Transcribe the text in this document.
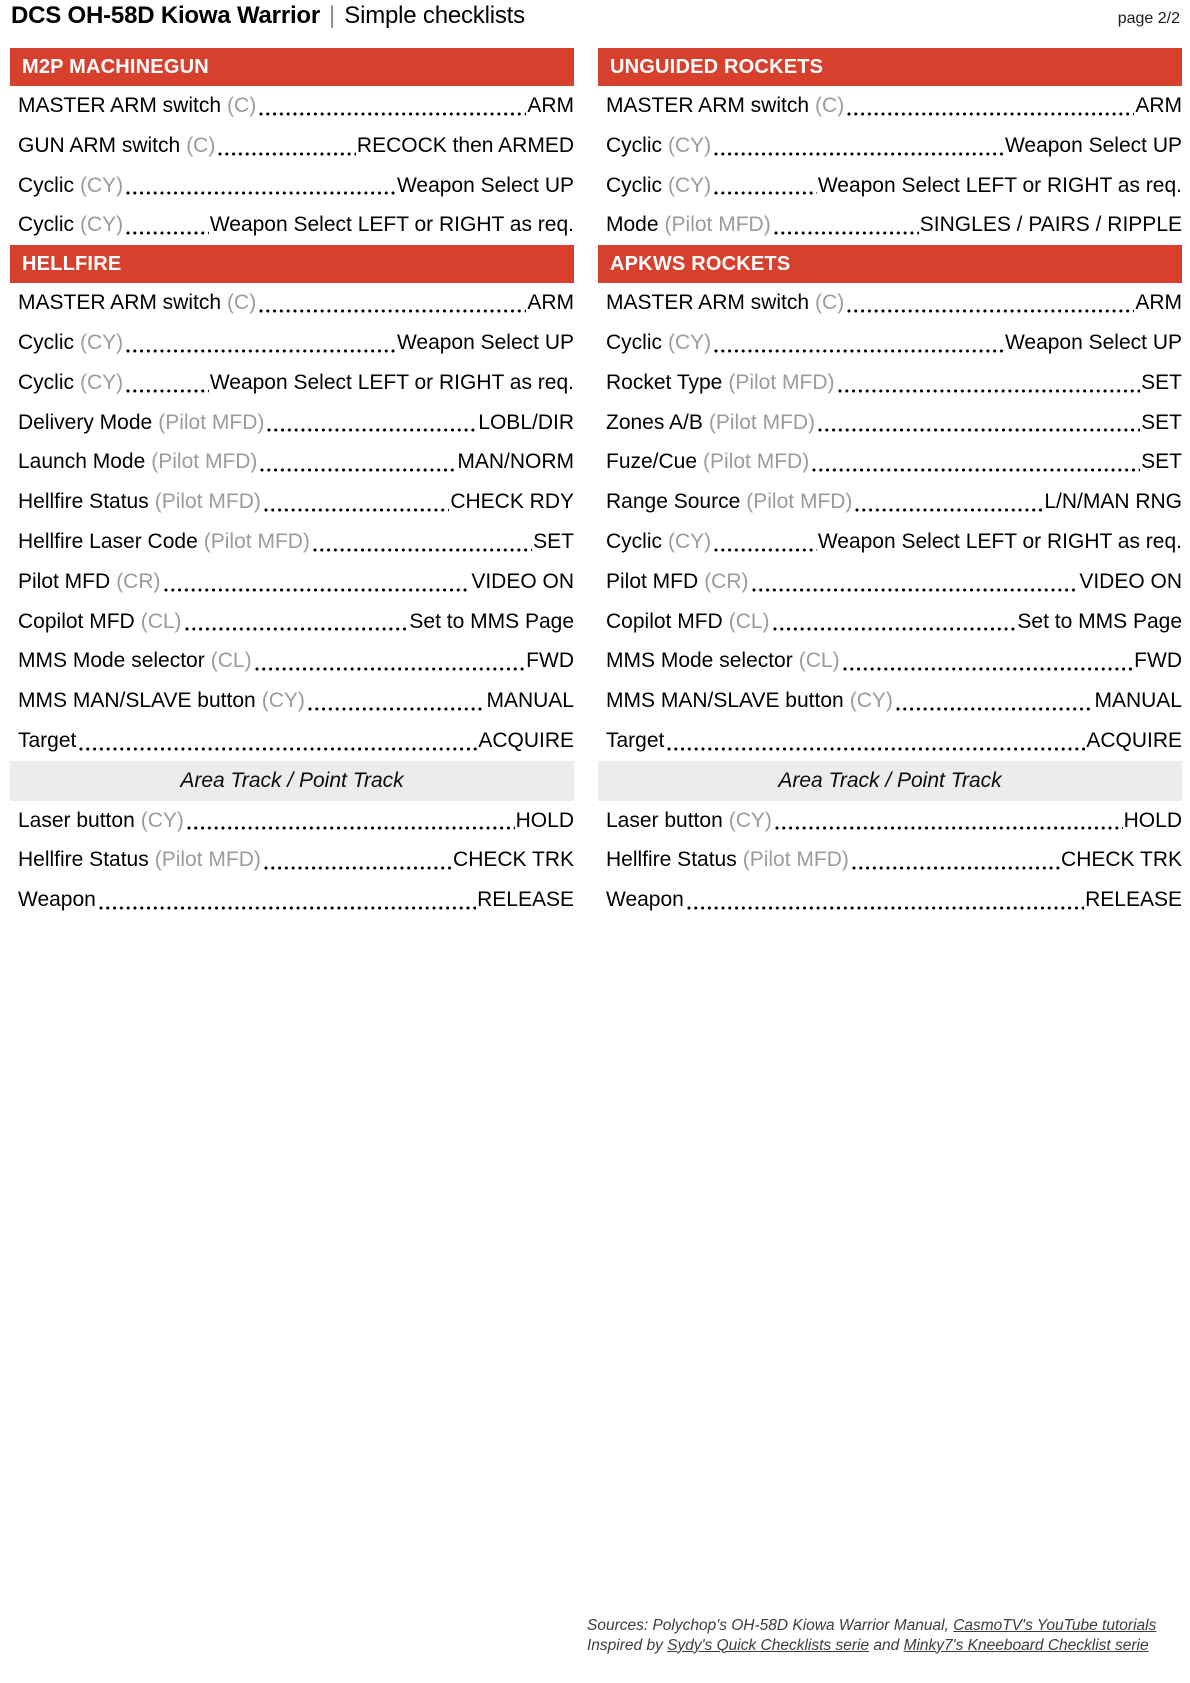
DCS OH-58D Kiowa Warrior | Simple checklists	page 2/2
M2P MACHINEGUN
MASTER ARM switch (C)	ARM
GUN ARM switch (C)	RECOCK then ARMED
Cyclic (CY)	Weapon Select UP
Cyclic (CY)	Weapon Select LEFT or RIGHT as req.
HELLFIRE
MASTER ARM switch (C)	ARM
Cyclic (CY)	Weapon Select UP
Cyclic (CY)	Weapon Select LEFT or RIGHT as req.
Delivery Mode (Pilot MFD)	LOBL/DIR
Launch Mode (Pilot MFD)	MAN/NORM
Hellfire Status (Pilot MFD)	CHECK RDY
Hellfire Laser Code (Pilot MFD)	SET
Pilot MFD (CR)	VIDEO ON
Copilot MFD (CL)	Set to MMS Page
MMS Mode selector (CL)	FWD
MMS MAN/SLAVE button (CY)	MANUAL
Target	ACQUIRE
Area Track / Point Track
Laser button (CY)	HOLD
Hellfire Status (Pilot MFD)	CHECK TRK
Weapon	RELEASE
UNGUIDED ROCKETS
MASTER ARM switch (C)	ARM
Cyclic (CY)	Weapon Select UP
Cyclic (CY)	Weapon Select LEFT or RIGHT as req.
Mode (Pilot MFD)	SINGLES / PAIRS / RIPPLE
APKWS ROCKETS
MASTER ARM switch (C)	ARM
Cyclic (CY)	Weapon Select UP
Rocket Type (Pilot MFD)	SET
Zones A/B (Pilot MFD)	SET
Fuze/Cue (Pilot MFD)	SET
Range Source (Pilot MFD)	L/N/MAN RNG
Cyclic (CY)	Weapon Select LEFT or RIGHT as req.
Pilot MFD (CR)	VIDEO ON
Copilot MFD (CL)	Set to MMS Page
MMS Mode selector (CL)	FWD
MMS MAN/SLAVE button (CY)	MANUAL
Target	ACQUIRE
Area Track / Point Track
Laser button (CY)	HOLD
Hellfire Status (Pilot MFD)	CHECK TRK
Weapon	RELEASE
Sources: Polychop's OH-58D Kiowa Warrior Manual, CasmoTV's YouTube tutorials
Inspired by Sydy's Quick Checklists serie and Minky7's Kneeboard Checklist serie
